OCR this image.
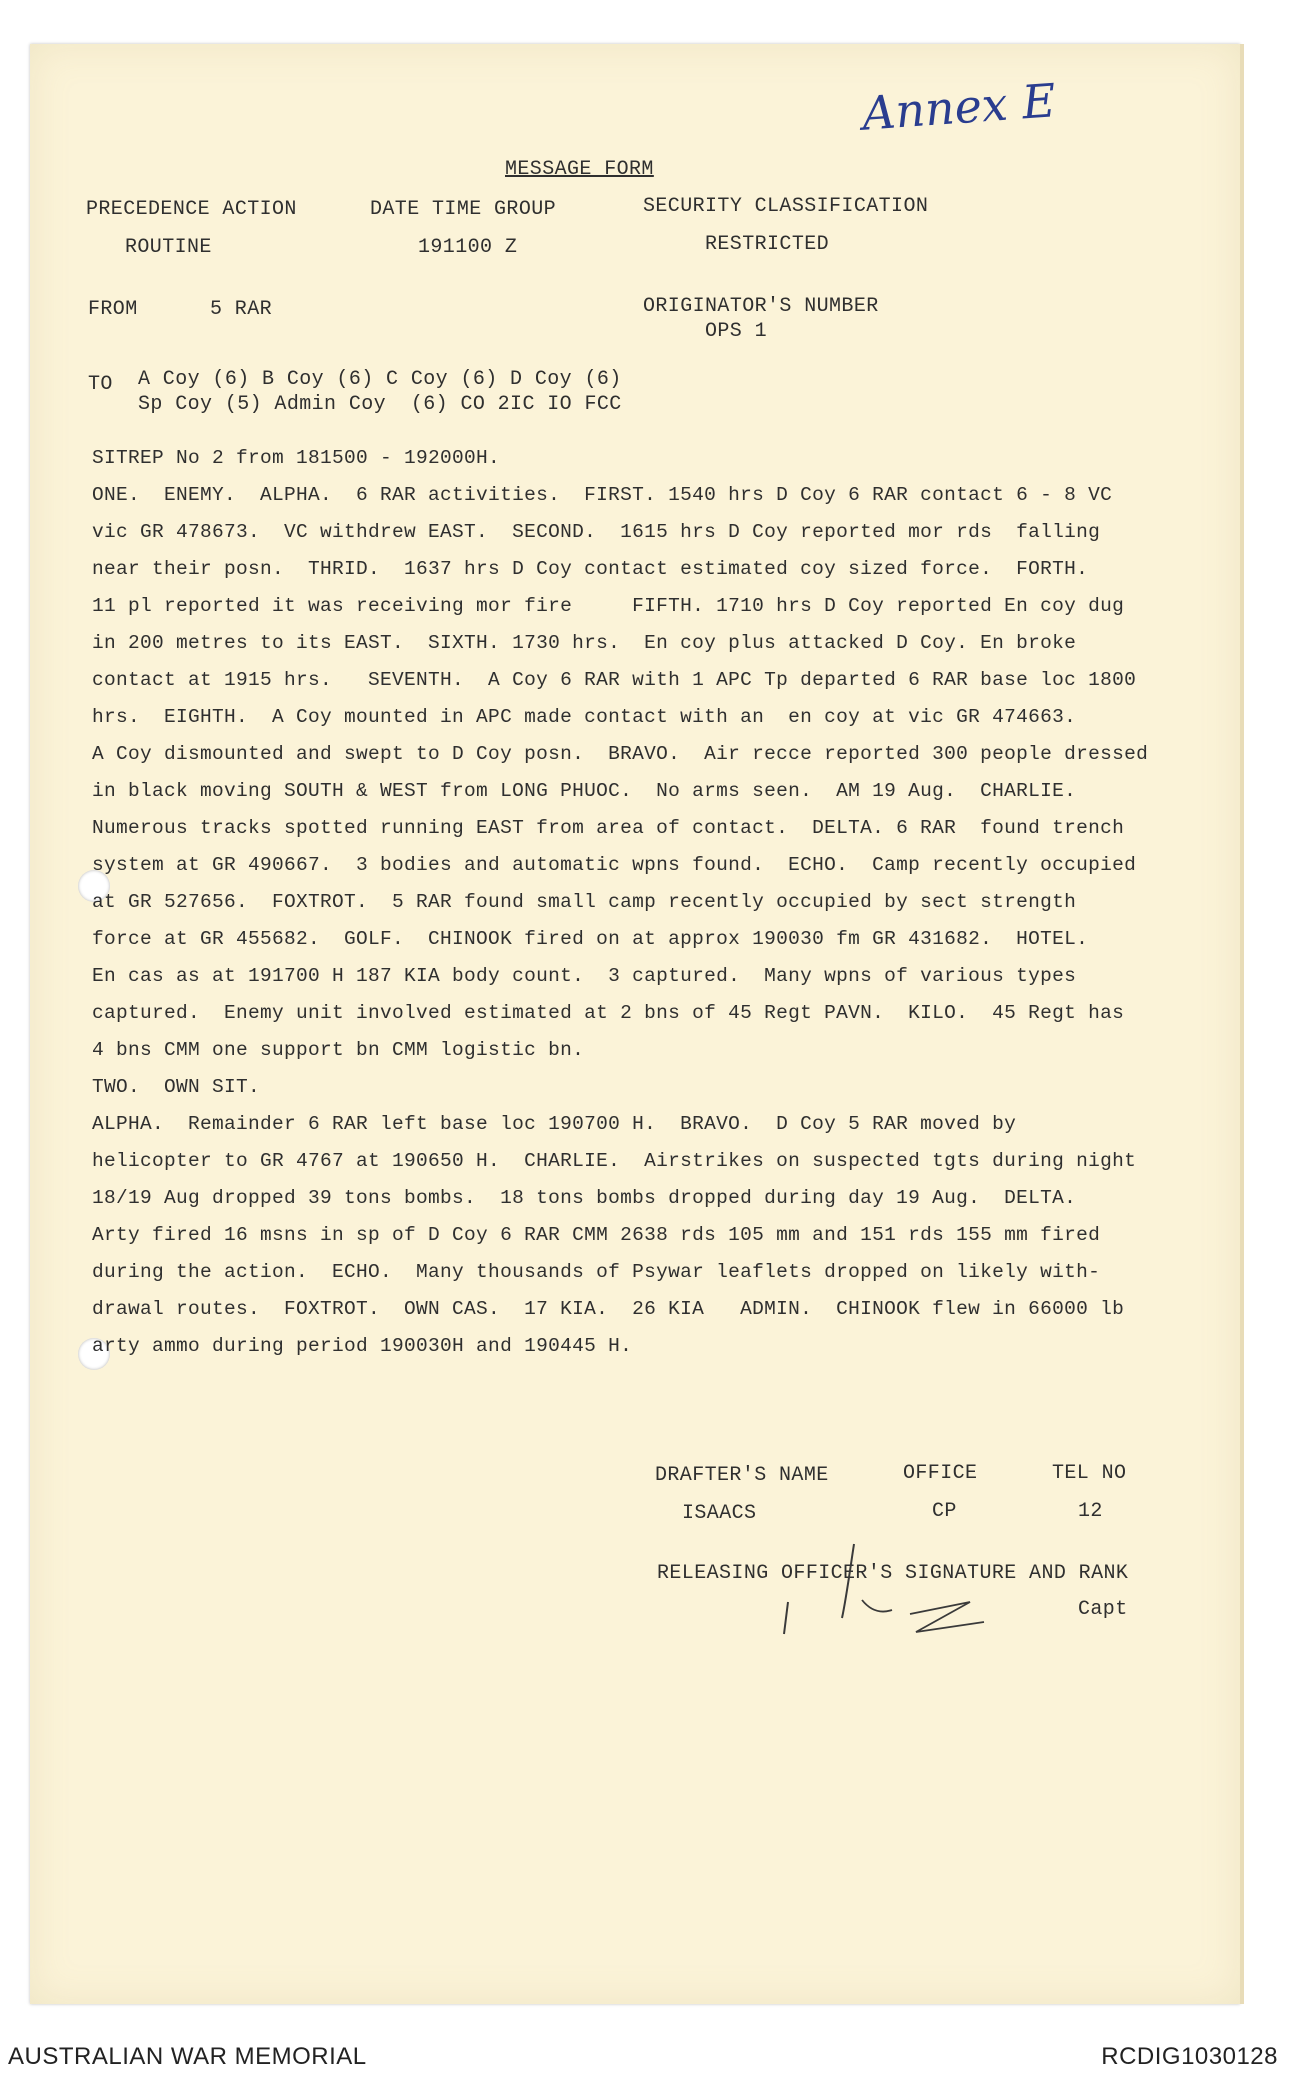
Annex E
MESSAGE FORM
PRECEDENCE ACTION
ROUTINE
DATE TIME GROUP
191100 Z
SECURITY CLASSIFICATION
RESTRICTED
FROM	5 RAR	ORIGINATOR'S NUMBER
OPS 1
TO A Coy (6) B Coy (6) C Coy (6) D Coy (6)
Sp Coy (5) Admin Coy  (6) CO 2IC IO FCC
SITREP No 2 from 181500 - 192000H.
ONE.  ENEMY.  ALPHA.  6 RAR activities.  FIRST. 1540 hrs D Coy 6 RAR contact 6 - 8 VC
vic GR 478673.  VC withdrew EAST.  SECOND.  1615 hrs D Coy reported mor rds  falling
near their posn.  THRID.  1637 hrs D Coy contact estimated coy sized force.  FORTH.
11 pl reported it was receiving mor fire     FIFTH. 1710 hrs D Coy reported En coy dug
in 200 metres to its EAST.  SIXTH. 1730 hrs.  En coy plus attacked D Coy. En broke
contact at 1915 hrs.   SEVENTH.  A Coy 6 RAR with 1 APC Tp departed 6 RAR base loc 1800
hrs.  EIGHTH.  A Coy mounted in APC made contact with an  en coy at vic GR 474663.
A Coy dismounted and swept to D Coy posn.  BRAVO.  Air recce reported 300 people dressed
in black moving SOUTH & WEST from LONG PHUOC.  No arms seen.  AM 19 Aug.  CHARLIE.
Numerous tracks spotted running EAST from area of contact.  DELTA. 6 RAR  found trench
system at GR 490667.  3 bodies and automatic wpns found.  ECHO.  Camp recently occupied
at GR 527656.  FOXTROT.  5 RAR found small camp recently occupied by sect strength
force at GR 455682.  GOLF.  CHINOOK fired on at approx 190030 fm GR 431682.  HOTEL.
En cas as at 191700 H 187 KIA body count.  3 captured.  Many wpns of various types
captured.  Enemy unit involved estimated at 2 bns of 45 Regt PAVN.  KILO.  45 Regt has
4 bns CMM one support bn CMM logistic bn.
TWO.  OWN SIT.
ALPHA.  Remainder 6 RAR left base loc 190700 H.  BRAVO.  D Coy 5 RAR moved by
helicopter to GR 4767 at 190650 H.  CHARLIE.  Airstrikes on suspected tgts during night
18/19 Aug dropped 39 tons bombs.  18 tons bombs dropped during day 19 Aug.  DELTA.
Arty fired 16 msns in sp of D Coy 6 RAR CMM 2638 rds 105 mm and 151 rds 155 mm fired
during the action.  ECHO.  Many thousands of Psywar leaflets dropped on likely with-
drawal routes.  FOXTROT.  OWN CAS.  17 KIA.  26 KIA   ADMIN.  CHINOOK flew in 66000 lb
arty ammo during period 190030H and 190445 H.
DRAFTER'S NAME
ISAACS
OFFICE
CP
TEL NO
12
RELEASING OFFICER'S SIGNATURE AND RANK
Capt
AUSTRALIAN WAR MEMORIAL	RCDIG1030128
